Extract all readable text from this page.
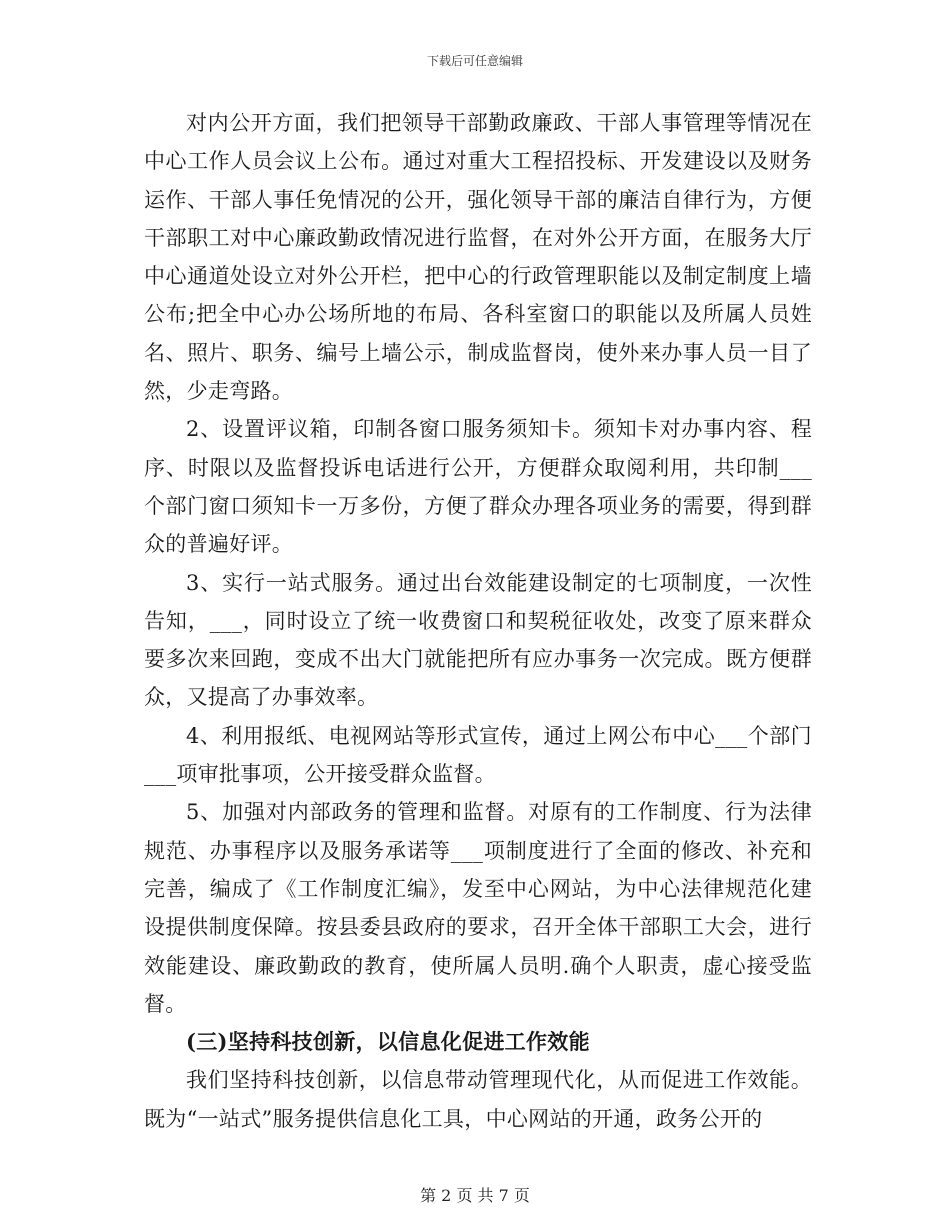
下载后可任意编辑

对内公开方面，我们把领导干部勤政廉政、干部人事管理等情况在中心工作人员会议上公布。通过对重大工程招投标、开发建设以及财务运作、干部人事任免情况的公开，强化领导干部的廉洁自律行为，方便干部职工对中心廉政勤政情况进行监督，在对外公开方面，在服务大厅中心通道处设立对外公开栏，把中心的行政管理职能以及制定制度上墙公布;把全中心办公场所地的布局、各科室窗口的职能以及所属人员姓名、照片、职务、编号上墙公示，制成监督岗，使外来办事人员一目了然，少走弯路。

2、设置评议箱，印制各窗口服务须知卡。须知卡对办事内容、程序、时限以及监督投诉电话进行公开，方便群众取阅利用，共印制___个部门窗口须知卡一万多份，方便了群众办理各项业务的需要，得到群众的普遍好评。

3、实行一站式服务。通过出台效能建设制定的七项制度，一次性告知，___，同时设立了统一收费窗口和契税征收处，改变了原来群众要多次来回跑，变成不出大门就能把所有应办事务一次完成。既方便群众，又提高了办事效率。

4、利用报纸、电视网站等形式宣传，通过上网公布中心___个部门___项审批事项，公开接受群众监督。

5、加强对内部政务的管理和监督。对原有的工作制度、行为法律规范、办事程序以及服务承诺等___项制度进行了全面的修改、补充和完善，编成了《工作制度汇编》，发至中心网站，为中心法律规范化建设提供制度保障。按县委县政府的要求，召开全体干部职工大会，进行效能建设、廉政勤政的教育，使所属人员明.确个人职责，虚心接受监督。

(三)坚持科技创新，以信息化促进工作效能

我们坚持科技创新，以信息带动管理现代化，从而促进工作效能。既为“一站式”服务提供信息化工具，中心网站的开通，政务公开的

第 2 页 共 7 页
